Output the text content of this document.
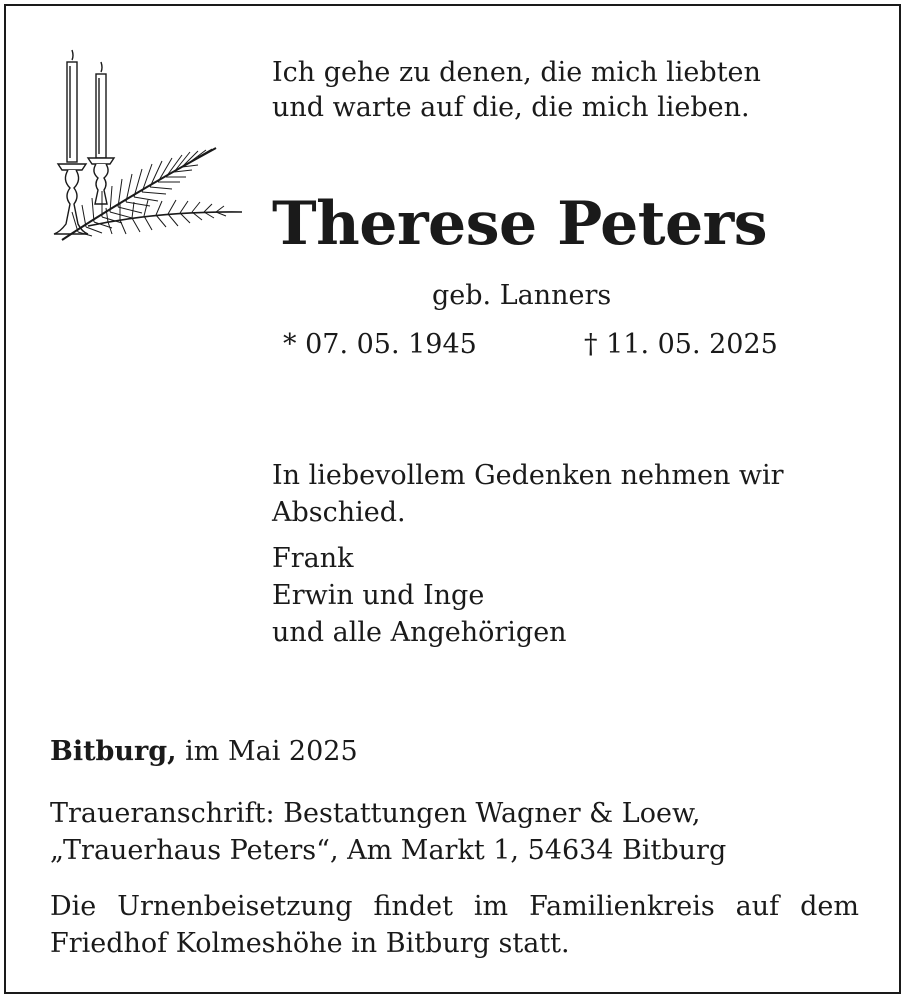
Ich gehe zu denen, die mich liebten
und warte auf die, die mich lieben.
Therese Peters
geb. Lanners
* 07. 05. 1945	† 11. 05. 2025
In liebevollem Gedenken nehmen wir
Abschied.
Frank
Erwin und Inge
und alle Angehörigen
Bitburg, im Mai 2025
Traueranschrift: Bestattungen Wagner & Loew,
„Trauerhaus Peters“, Am Markt 1, 54634 Bitburg
Die Urnenbeisetzung findet im Familienkreis auf dem
Friedhof Kolmeshöhe in Bitburg statt.
